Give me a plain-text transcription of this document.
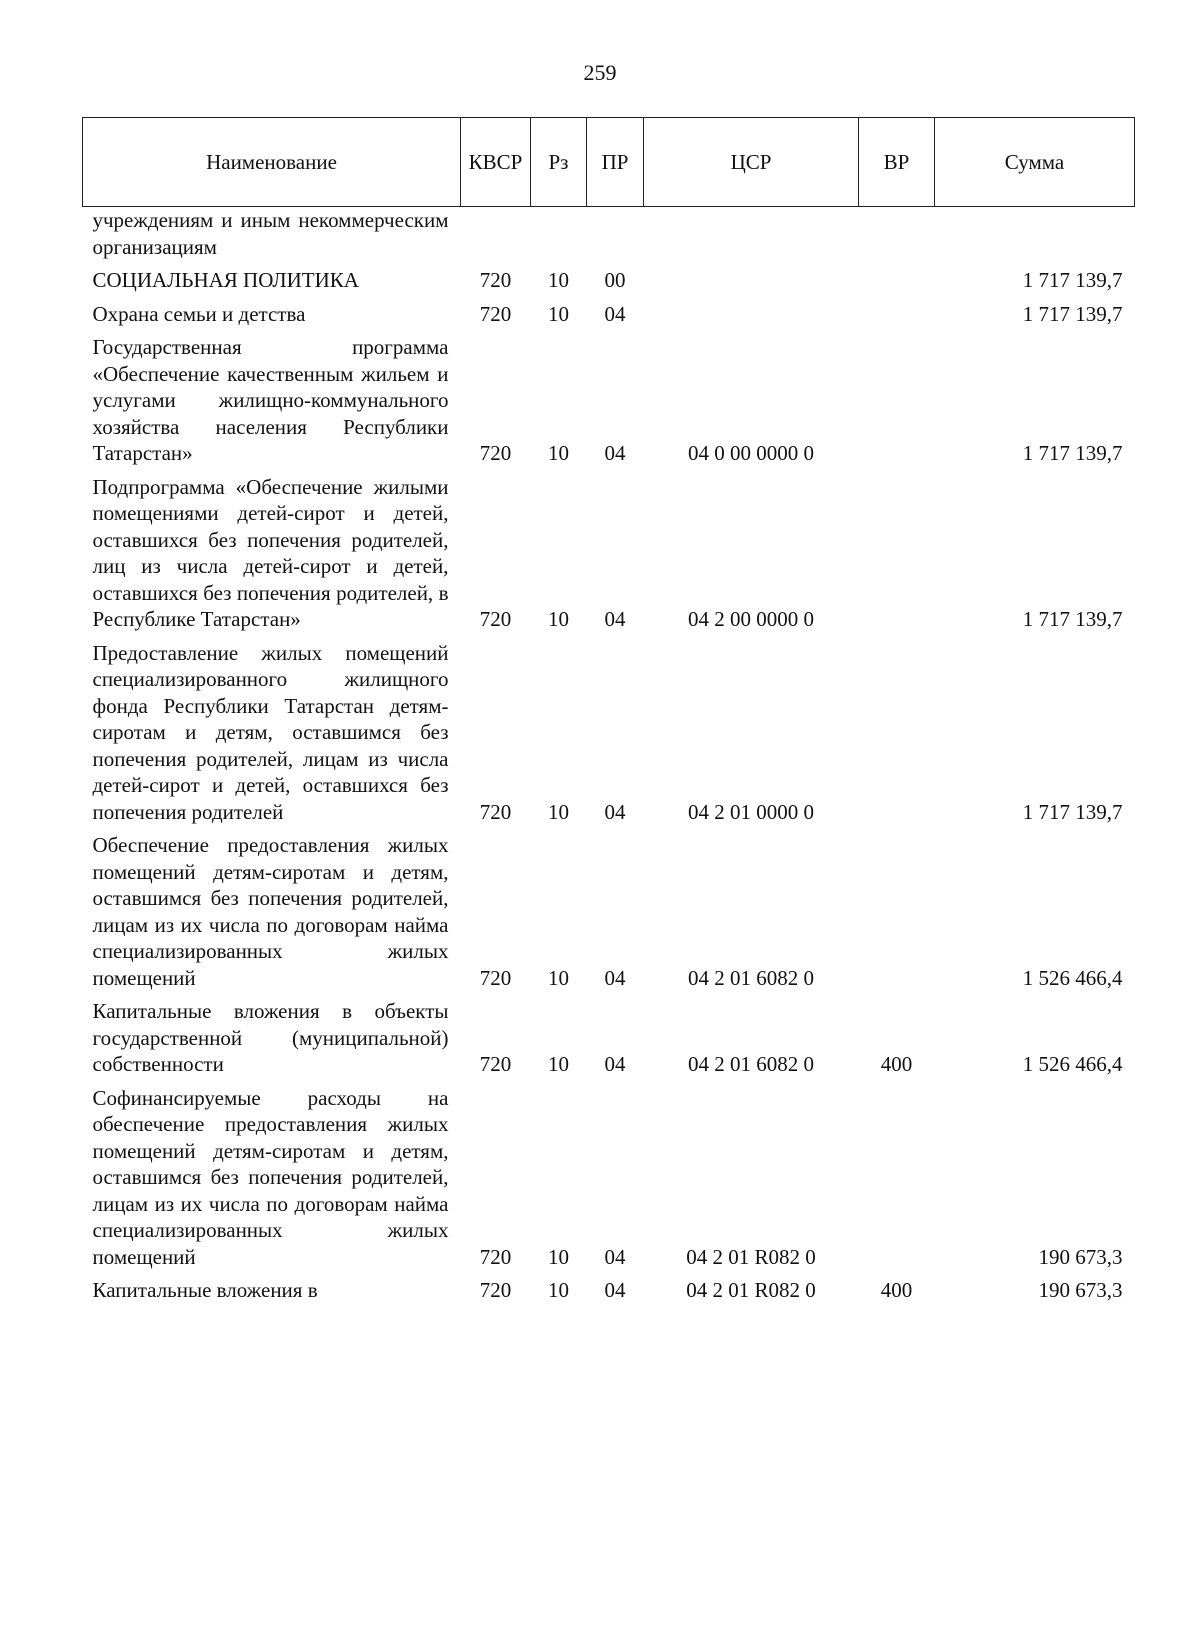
259
Наименование	КВСР	Рз	ПР	ЦСР	ВР	Сумма
учреждениям и иным некоммерческим организациям						
СОЦИАЛЬНАЯ ПОЛИТИКА	720	10	00			1 717 139,7
Охрана семьи и детства	720	10	04			1 717 139,7
Государственная программа «Обеспечение качественным жильем и услугами жилищно-коммунального хозяйства населения Республики Татарстан»	720	10	04	04 0 00 0000 0		1 717 139,7
Подпрограмма «Обеспечение жилыми помещениями детей-сирот и детей, оставшихся без попечения родителей, лиц из числа детей-сирот и детей, оставшихся без попечения родителей, в Республике Татарстан»	720	10	04	04 2 00 0000 0		1 717 139,7
Предоставление жилых помещений специализированного жилищного фонда Республики Татарстан детям-сиротам и детям, оставшимся без попечения родителей, лицам из числа детей-сирот и детей, оставшихся без попечения родителей	720	10	04	04 2 01 0000 0		1 717 139,7
Обеспечение предоставления жилых помещений детям-сиротам и детям, оставшимся без попечения родителей, лицам из их числа по договорам найма специализированных жилых помещений	720	10	04	04 2 01 6082 0		1 526 466,4
Капитальные вложения в объекты государственной (муниципальной) собственности	720	10	04	04 2 01 6082 0	400	1 526 466,4
Софинансируемые расходы на обеспечение предоставления жилых помещений детям-сиротам и детям, оставшимся без попечения родителей, лицам из их числа по договорам найма специализированных жилых помещений	720	10	04	04 2 01 R082 0		190 673,3
Капитальные вложения в	720	10	04	04 2 01 R082 0	400	190 673,3
